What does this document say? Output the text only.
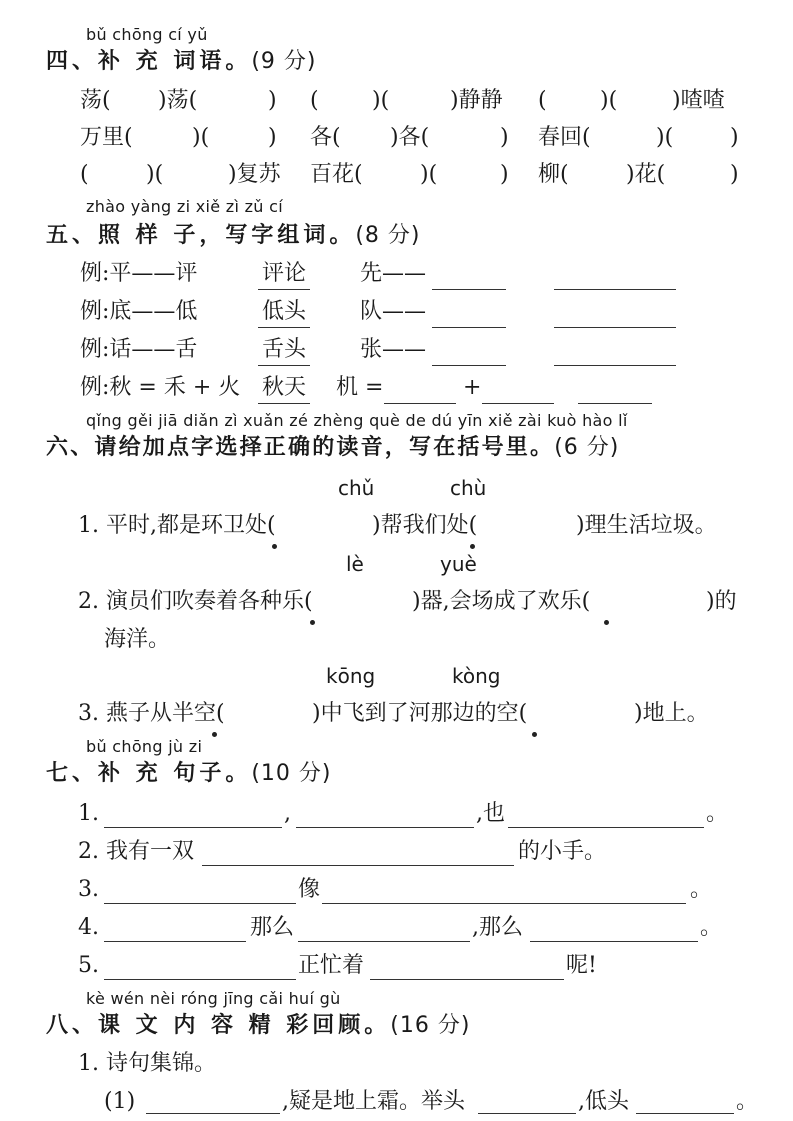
bǔ chōng cí yǔ
四、补 充 词语。(9 分)
荡( )荡(	) ( )(	)静静 ( )( )喳喳
万里(	)(	) 各( )各(	) 春回(	)(	)
(	)(	)复苏 百花(	)(	) 柳(	)花(	)
zhào yàng zi xiě zì zǔ cí
五、照 样 子，写字组词。(8 分)
例:平——评	评论 先——
例:底——低	低头 队——
例:话——舌	舌头 张——
例:秋 = 禾 + 火 秋天 机 =	+
qǐng gěi jiā diǎn zì xuǎn zé zhèng què de dú yīn xiě zài kuò hào lǐ
六、请给加点字选择正确的读音，写在括号里。(6 分)
chǔ	chù
1. 平时,都是环卫处(	)帮我们处(	)理生活垃圾。
lè	yuè
2. 演员们吹奏着各种乐(	)器,会场成了欢乐(	)的
海洋。
kōng	kòng
3. 燕子从半空(	)中飞到了河那边的空(	)地上。
bǔ chōng jù zi
七、补 充 句子。(10 分)
1.	,	,也	。
2. 我有一双	的小手。
3.	像	。
4.	那么	,那么	。
5.	正忙着	呢!
kè wén nèi róng jīng cǎi huí gù
八、课 文 内 容 精 彩回顾。(16 分)
1. 诗句集锦。
(1)	,疑是地上霜。举头	,低头	。
